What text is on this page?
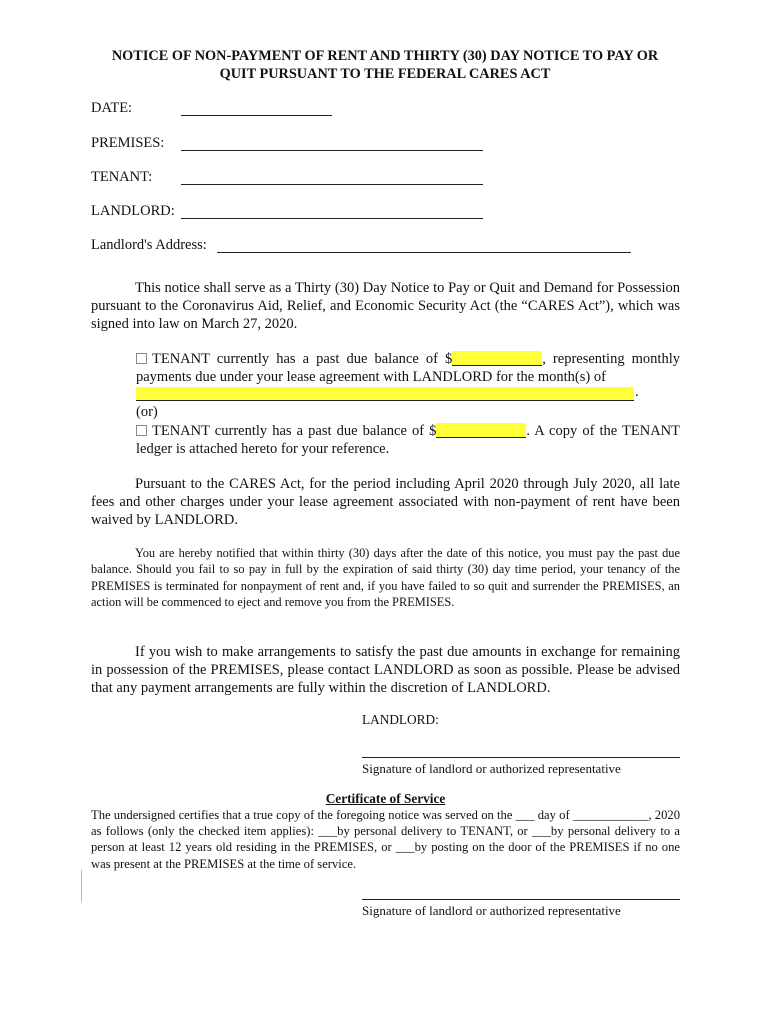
NOTICE OF NON-PAYMENT OF RENT AND THIRTY (30) DAY NOTICE TO PAY OR
QUIT PURSUANT TO THE FEDERAL CARES ACT
DATE:
PREMISES:
TENANT:
LANDLORD:
Landlord's Address:
This notice shall serve as a Thirty (30) Day Notice to Pay or Quit and Demand for Possession pursuant to the Coronavirus Aid, Relief, and Economic Security Act (the “CARES Act”), which was signed into law on March 27, 2020.
TENANT currently has a past due balance of $	, representing monthly payments due under your lease agreement with LANDLORD for the month(s) of
.
(or)
TENANT currently has a past due balance of $	. A copy of the TENANT ledger is attached hereto for your reference.
Pursuant to the CARES Act, for the period including April 2020 through July 2020, all late fees and other charges under your lease agreement associated with non-payment of rent have been waived by LANDLORD.
You are hereby notified that within thirty (30) days after the date of this notice, you must pay the past due balance. Should you fail to so pay in full by the expiration of said thirty (30) day time period, your tenancy of the PREMISES is terminated for nonpayment of rent and, if you have failed to so quit and surrender the PREMISES, an action will be commenced to eject and remove you from the PREMISES.
If you wish to make arrangements to satisfy the past due amounts in exchange for remaining in possession of the PREMISES, please contact LANDLORD as soon as possible. Please be advised that any payment arrangements are fully within the discretion of LANDLORD.
LANDLORD:
Signature of landlord or authorized representative
Certificate of Service
The undersigned certifies that a true copy of the foregoing notice was served on the ___ day of ____________, 2020 as follows (only the checked item applies): ___by personal delivery to TENANT, or ___by personal delivery to a person at least 12 years old residing in the PREMISES, or ___by posting on the door of the PREMISES if no one was present at the PREMISES at the time of service.
Signature of landlord or authorized representative
